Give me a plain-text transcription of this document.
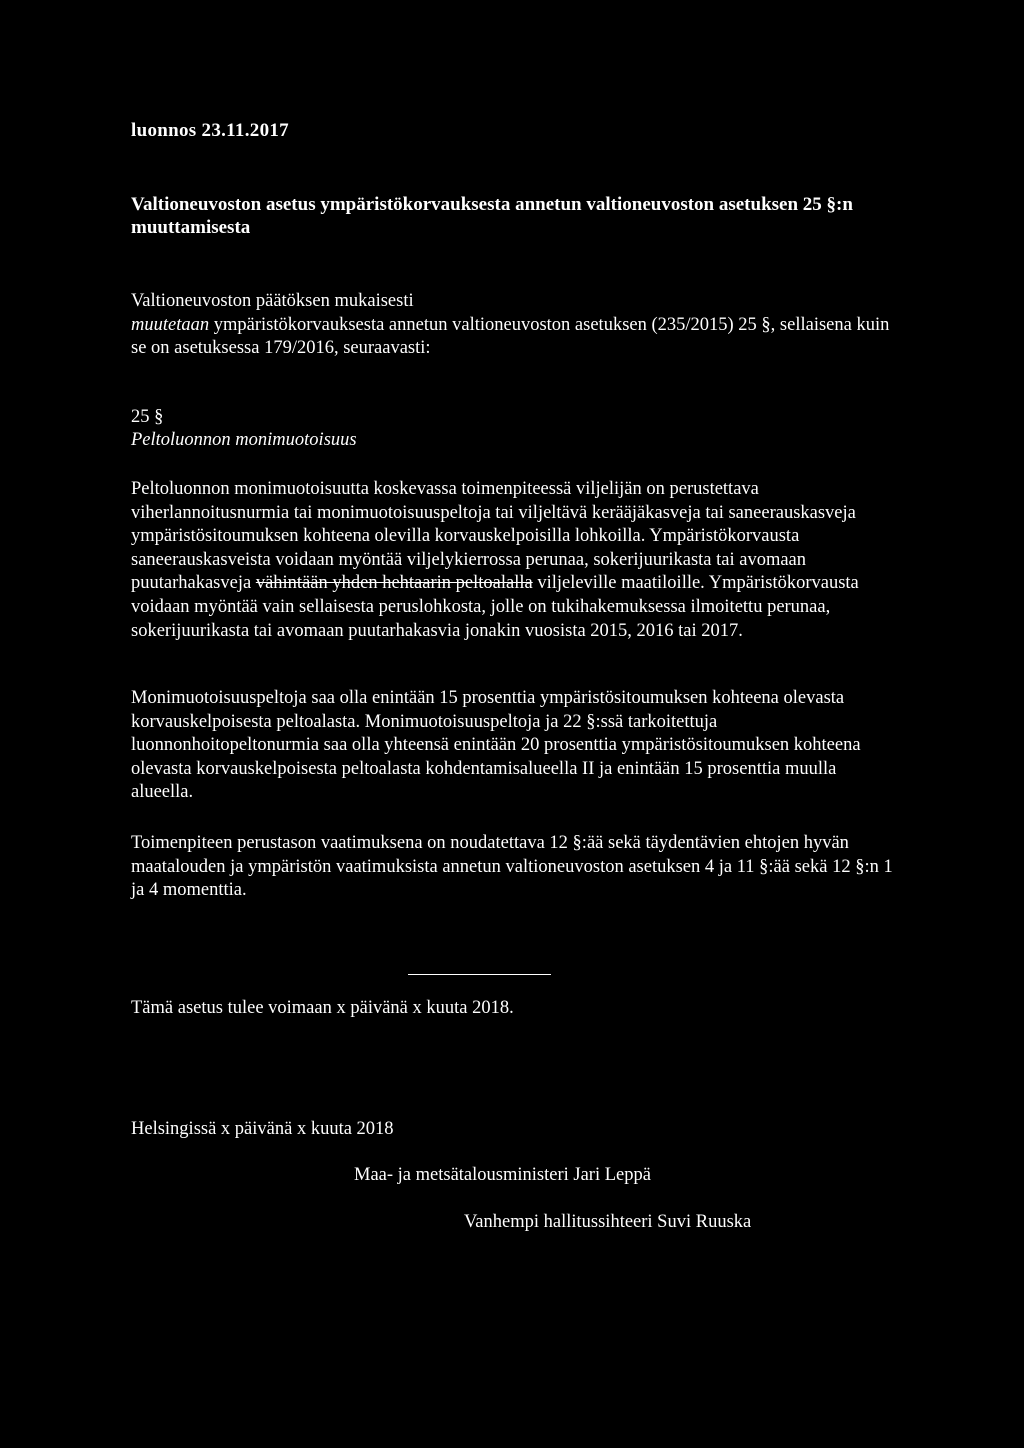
luonnos 23.11.2017
Valtioneuvoston asetus ympäristökorvauksesta annetun valtioneuvoston asetuksen 25 §:n muuttamisesta

Valtioneuvoston päätöksen mukaisesti

muutetaan ympäristökorvauksesta annetun valtioneuvoston asetuksen (235/2015) 25 §, sellaisena kuin se on asetuksessa 179/2016, seuraavasti:

25 §
Peltoluonnon monimuotoisuus

Peltoluonnon monimuotoisuutta koskevassa toimenpiteessä viljelijän on perustettava viherlannoitusnurmia tai monimuotoisuuspeltoja tai viljeltävä kerääjäkasveja tai saneerauskasveja ympäristösitoumuksen kohteena olevilla korvauskelpoisilla lohkoilla. Ympäristökorvausta saneerauskasveista voidaan myöntää viljelykierrossa perunaa, sokerijuurikasta tai avomaan puutarhakasveja vähintään yhden hehtaarin peltoalalla viljeleville maatiloille. Ympäristökorvausta voidaan myöntää vain sellaisesta peruslohkosta, jolle on tukihakemuksessa ilmoitettu perunaa, sokerijuurikasta tai avomaan puutarhakasvia jonakin vuosista 2015, 2016 tai 2017.

Monimuotoisuuspeltoja saa olla enintään 15 prosenttia ympäristösitoumuksen kohteena olevasta korvauskelpoisesta peltoalasta. Monimuotoisuuspeltoja ja 22 §:ssä tarkoitettuja luonnonhoitopeltonurmia saa olla yhteensä enintään 20 prosenttia ympäristösitoumuksen kohteena olevasta korvauskelpoisesta peltoalasta kohdentamisalueella II ja enintään 15 prosenttia muulla alueella.

Toimenpiteen perustason vaatimuksena on noudatettava 12 §:ää sekä täydentävien ehtojen hyvän maatalouden ja ympäristön vaatimuksista annetun valtioneuvoston asetuksen 4 ja 11 §:ää sekä 12 §:n 1 ja 4 momenttia.

Tämä asetus tulee voimaan x päivänä x kuuta 2018.

Helsingissä x päivänä x kuuta 2018

Maa- ja metsätalousministeri Jari Leppä
Vanhempi hallitussihteeri Suvi Ruuska
